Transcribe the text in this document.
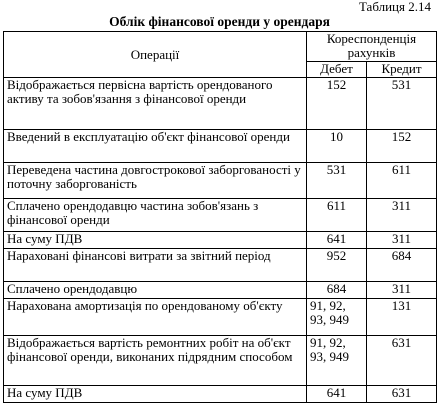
Таблиця 2.14
Облік фінансової оренди у орендаря
Операції	Кореспонденція рахунків	
	Дебет	Кредит
Відображається первісна вартість орендованого активу та зобов'язання з фінансової оренди	152	531
Введений в експлуатацію об'єкт фінансової оренди	10	152
Переведена частина довгострокової заборгованості у поточну заборгованість	531	611
Сплачено орендодавцю частина зобов'язань з фінансової оренди	611	311
На суму ПДВ	641	311
Нараховані фінансові витрати за звітний період	952	684
Сплачено орендодавцю	684	311
Нарахована амортизація по орендованому об'єкту	91, 92, 93, 949	131
Відображається вартість ремонтних робіт на об'єкт фінансової оренди, виконаних підрядним способом	91, 92, 93, 949	631
На суму ПДВ	641	631
